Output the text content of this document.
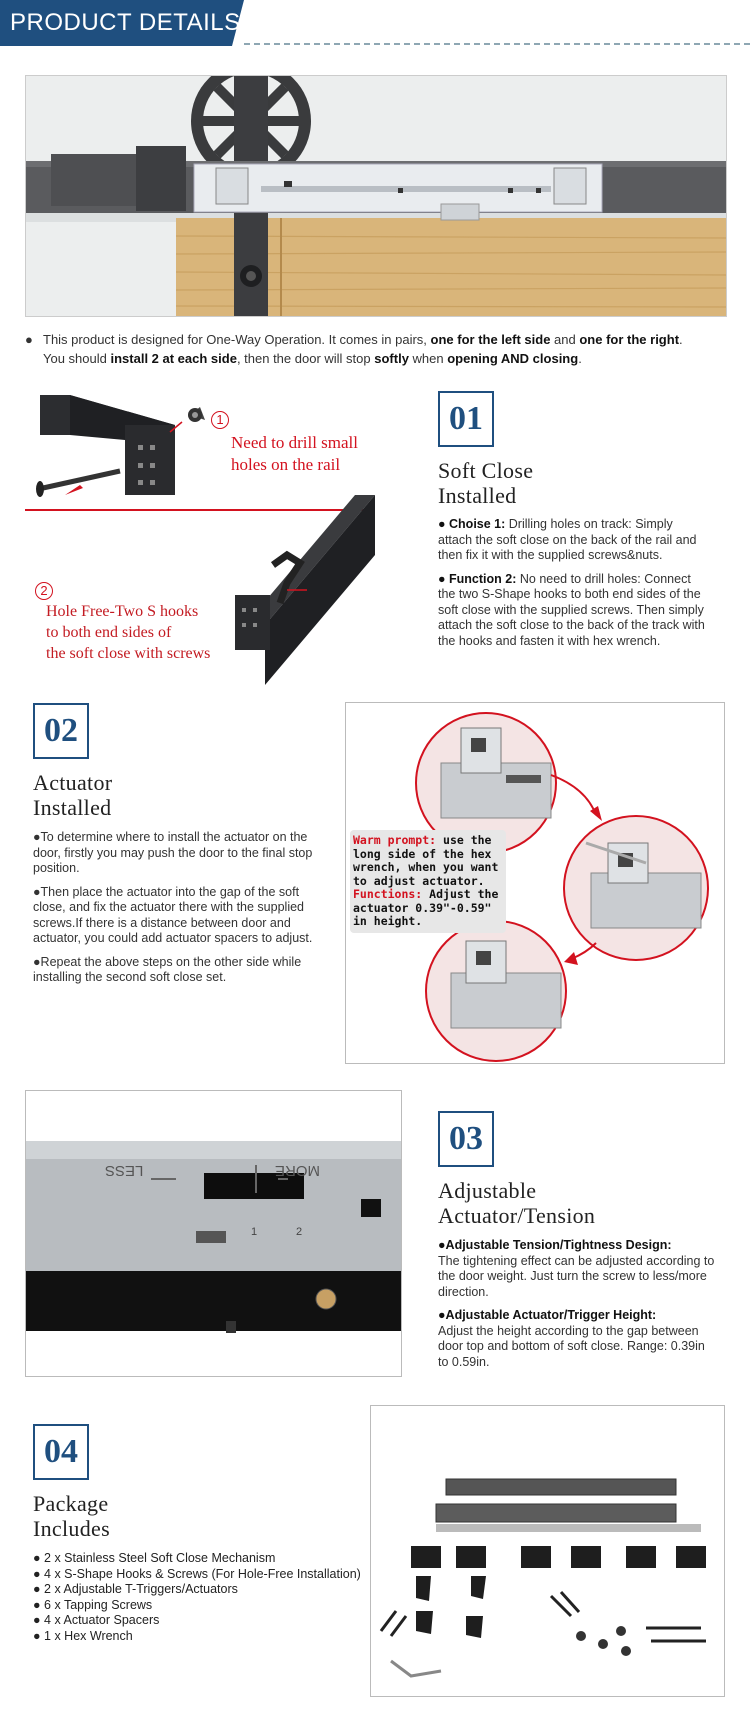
PRODUCT DETAILS
● This product is designed for One-Way Operation. It comes in pairs, one for the left side and one for the right.
You should install 2 at each side, then the door will stop softly when opening AND closing.
1
Need to drill small
holes on the rail
2
Hole Free-Two S hooks
to both end sides of
the soft close with screws
01
Soft Close
Installed

● Choise 1: Drilling holes on track: Simply attach the soft close on the back of the rail and then fix it with the supplied screws&nuts.

● Function 2: No need to drill holes: Connect the two S-Shape hooks to both end sides of the soft close with the supplied screws. Then simply attach the soft close to the back of the track with the hooks and fasten it with hex wrench.

02
Actuator
Installed

●To determine where to install the actuator on the door, firstly you may push the door to the final stop position.

●Then place the actuator into the gap of the soft close, and fix the actuator there with the supplied screws.If there is a distance between door and actuator, you could add actuator spacers to adjust.

●Repeat the above steps on the other side while installing the second soft close set.

Warm prompt: use the long side of the hex wrench, when you want to adjust actuator. Functions: Adjust the actuator 0.39"-0.59" in height.
LESS	MORE
1	2
03
Adjustable
Actuator/Tension

●Adjustable Tension/Tightness Design:
The tightening effect can be adjusted according to the door weight. Just turn the screw to less/more direction.

●Adjustable Actuator/Trigger Height:
Adjust the height according to the gap between door top and bottom of soft close. Range: 0.39in to 0.59in.

04
Package
Includes
● 2 x Stainless Steel Soft Close Mechanism
● 4 x S-Shape Hooks & Screws (For Hole-Free Installation)
● 2 x Adjustable T-Triggers/Actuators
● 6 x Tapping Screws
● 4 x Actuator Spacers
● 1 x Hex Wrench
